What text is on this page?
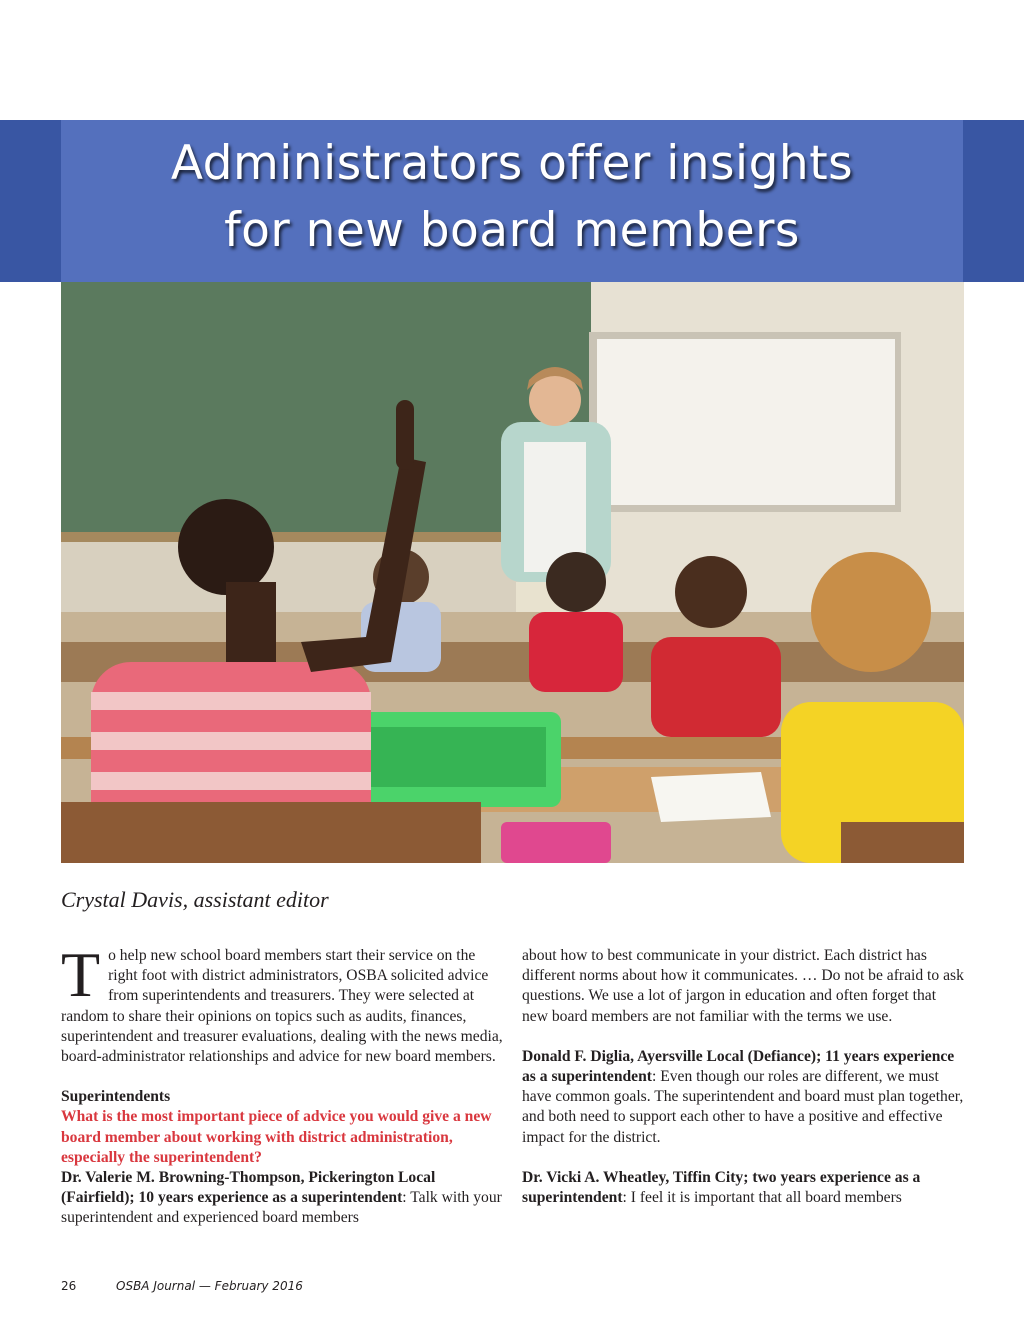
Administrators offer insights
for new board members
Crystal Davis, assistant editor

To help new school board members start their service on the right foot with district administrators, OSBA solicited advice from superintendents and treasurers. They were selected at random to share their opinions on topics such as audits, finances, superintendent and treasurer evaluations, dealing with the news media, board-administrator relationships and advice for new board members.

Superintendents

What is the most important piece of advice you would give a new board member about working with district administration, especially the superintendent?

Dr. Valerie M. Browning-Thompson, Pickerington Local (Fairfield); 10 years experience as a superintendent: Talk with your superintendent and experienced board members

about how to best communicate in your district. Each district has different norms about how it communicates. … Do not be afraid to ask questions. We use a lot of jargon in education and often forget that new board members are not familiar with the terms we use.

Donald F. Diglia, Ayersville Local (Defiance); 11 years experience as a superintendent: Even though our roles are different, we must have common goals. The superintendent and board must plan together, and both need to support each other to have a positive and effective impact for the district.

Dr. Vicki A. Wheatley, Tiffin City; two years experience as a superintendent: I feel it is important that all board members

26	OSBA Journal — February 2016
